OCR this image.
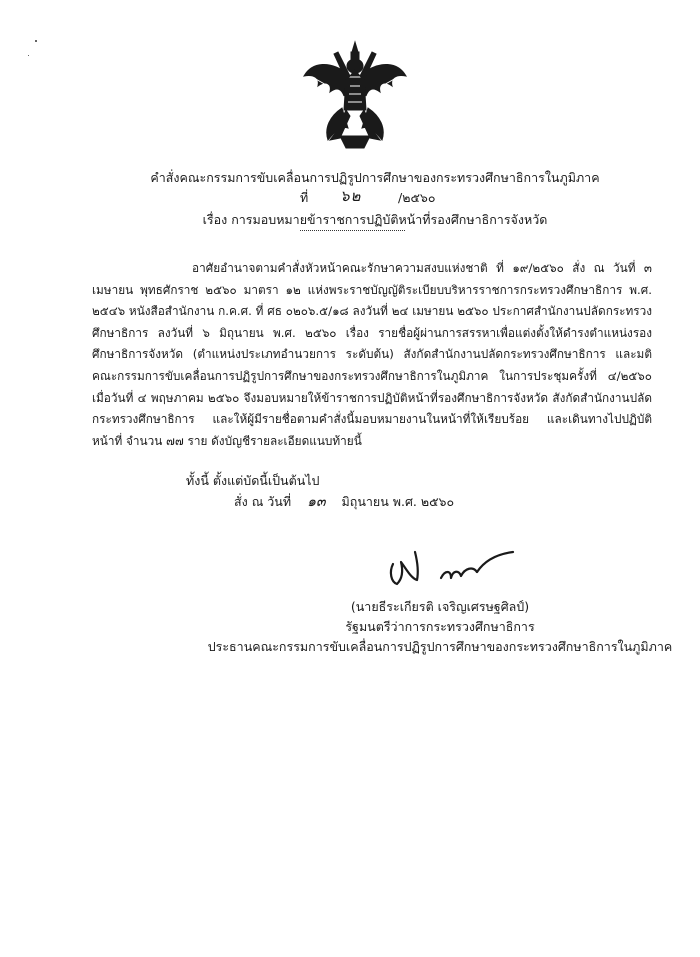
คำสั่งคณะกรรมการขับเคลื่อนการปฏิรูปการศึกษาของกระทรวงศึกษาธิการในภูมิภาค
ที่ ๖๒	/๒๕๖๐
เรื่อง การมอบหมายข้าราชการปฏิบัติหน้าที่รองศึกษาธิการจังหวัด

อาศัยอำนาจตามคำสั่งหัวหน้าคณะรักษาความสงบแห่งชาติ ที่ ๑๙/๒๕๖๐ สั่ง ณ วันที่ ๓ เมษายน พุทธศักราช ๒๕๖๐ มาตรา ๑๒ แห่งพระราชบัญญัติระเบียบบริหารราชการกระทรวงศึกษาธิการ พ.ศ. ๒๕๔๖ หนังสือสำนักงาน ก.ค.ศ. ที่ ศธ ๐๒๐๖.๕/๑๘ ลงวันที่ ๒๔ เมษายน ๒๕๖๐ ประกาศสำนักงานปลัดกระทรวงศึกษาธิการ ลงวันที่ ๖ มิถุนายน พ.ศ. ๒๕๖๐ เรื่อง รายชื่อผู้ผ่านการสรรหาเพื่อแต่งตั้งให้ดำรงตำแหน่งรองศึกษาธิการจังหวัด (ตำแหน่งประเภทอำนวยการ ระดับต้น) สังกัดสำนักงานปลัดกระทรวงศึกษาธิการ และมติคณะกรรมการขับเคลื่อนการปฏิรูปการศึกษาของกระทรวงศึกษาธิการในภูมิภาค ในการประชุมครั้งที่ ๔/๒๕๖๐ เมื่อวันที่ ๔ พฤษภาคม ๒๕๖๐ จึงมอบหมายให้ข้าราชการปฏิบัติหน้าที่รองศึกษาธิการจังหวัด สังกัดสำนักงานปลัดกระทรวงศึกษาธิการ และให้ผู้มีรายชื่อตามคำสั่งนี้มอบหมายงานในหน้าที่ให้เรียบร้อย และเดินทางไปปฏิบัติหน้าที่ จำนวน ๗๗ ราย ดังบัญชีรายละเอียดแนบท้ายนี้

ทั้งนี้ ตั้งแต่บัดนี้เป็นต้นไป
สั่ง ณ วันที่ ๑๓ มิถุนายน พ.ศ. ๒๕๖๐
(นายธีระเกียรติ เจริญเศรษฐศิลป์)
รัฐมนตรีว่าการกระทรวงศึกษาธิการ
ประธานคณะกรรมการขับเคลื่อนการปฏิรูปการศึกษาของกระทรวงศึกษาธิการในภูมิภาค
